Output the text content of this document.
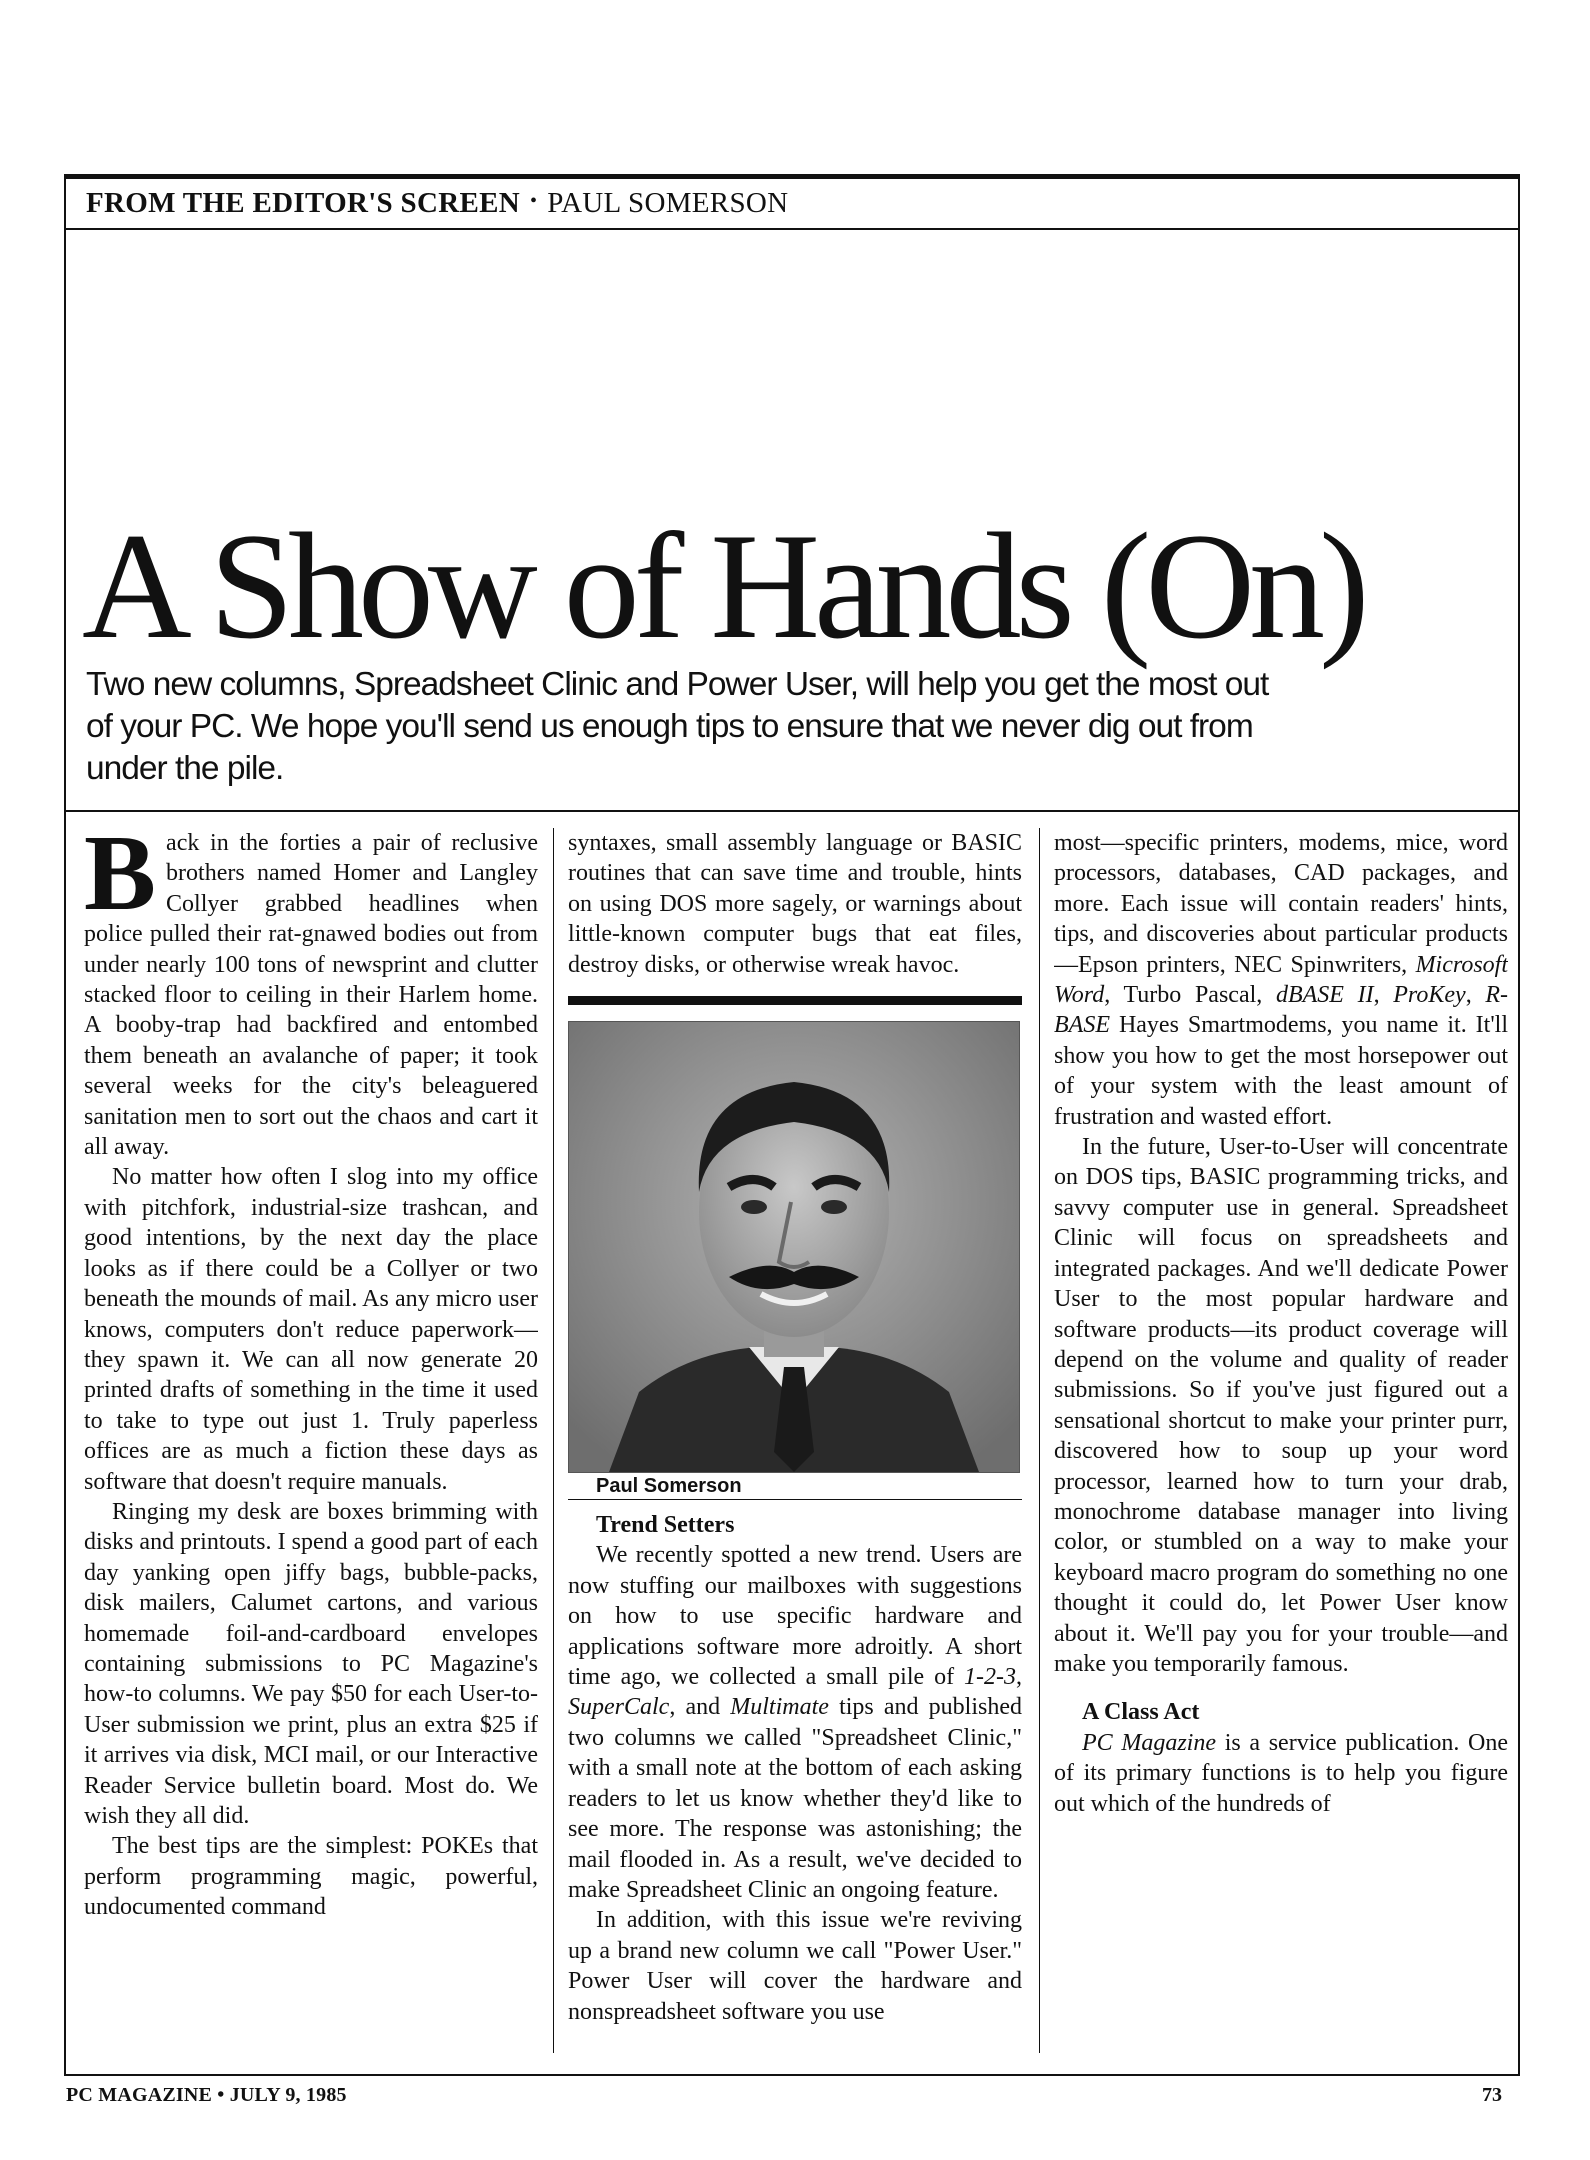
FROM THE EDITOR'S SCREEN • PAUL SOMERSON
A Show of Hands (On)

Two new columns, Spreadsheet Clinic and Power User, will help you get the most out of your PC. We hope you'll send us enough tips to ensure that we never dig out from under the pile.

Back in the forties a pair of reclusive brothers named Homer and Langley Collyer grabbed headlines when police pulled their rat-gnawed bodies out from under nearly 100 tons of newsprint and clutter stacked floor to ceiling in their Harlem home. A booby-trap had backfired and entombed them beneath an avalanche of paper; it took several weeks for the city's beleaguered sanitation men to sort out the chaos and cart it all away.

No matter how often I slog into my office with pitchfork, industrial-size trashcan, and good intentions, by the next day the place looks as if there could be a Collyer or two beneath the mounds of mail. As any micro user knows, computers don't reduce paperwork—they spawn it. We can all now generate 20 printed drafts of something in the time it used to take to type out just 1. Truly paperless offices are as much a fiction these days as software that doesn't require manuals.

Ringing my desk are boxes brimming with disks and printouts. I spend a good part of each day yanking open jiffy bags, bubble-packs, disk mailers, Calumet cartons, and various homemade foil-and-cardboard envelopes containing submissions to PC Magazine's how-to columns. We pay $50 for each User-to-User submission we print, plus an extra $25 if it arrives via disk, MCI mail, or our Interactive Reader Service bulletin board. Most do. We wish they all did.

The best tips are the simplest: POKEs that perform programming magic, powerful, undocumented command

syntaxes, small assembly language or BASIC routines that can save time and trouble, hints on using DOS more sagely, or warnings about little-known computer bugs that eat files, destroy disks, or otherwise wreak havoc.

Paul Somerson

Trend Setters

We recently spotted a new trend. Users are now stuffing our mailboxes with suggestions on how to use specific hardware and applications software more adroitly. A short time ago, we collected a small pile of 1-2-3, SuperCalc, and Multimate tips and published two columns we called "Spreadsheet Clinic," with a small note at the bottom of each asking readers to let us know whether they'd like to see more. The response was astonishing; the mail flooded in. As a result, we've decided to make Spreadsheet Clinic an ongoing feature.

In addition, with this issue we're reviving up a brand new column we call "Power User." Power User will cover the hardware and nonspreadsheet software you use

most—specific printers, modems, mice, word processors, databases, CAD packages, and more. Each issue will contain readers' hints, tips, and discoveries about particular products—Epson printers, NEC Spinwriters, Microsoft Word, Turbo Pascal, dBASE II, ProKey, R-BASE Hayes Smartmodems, you name it. It'll show you how to get the most horsepower out of your system with the least amount of frustration and wasted effort.

In the future, User-to-User will concentrate on DOS tips, BASIC programming tricks, and savvy computer use in general. Spreadsheet Clinic will focus on spreadsheets and integrated packages. And we'll dedicate Power User to the most popular hardware and software products—its product coverage will depend on the volume and quality of reader submissions. So if you've just figured out a sensational shortcut to make your printer purr, discovered how to soup up your word processor, learned how to turn your drab, monochrome database manager into living color, or stumbled on a way to make your keyboard macro program do something no one thought it could do, let Power User know about it. We'll pay you for your trouble—and make you temporarily famous.

A Class Act

PC Magazine is a service publication. One of its primary functions is to help you figure out which of the hundreds of

PC MAGAZINE • JULY 9, 1985	73
